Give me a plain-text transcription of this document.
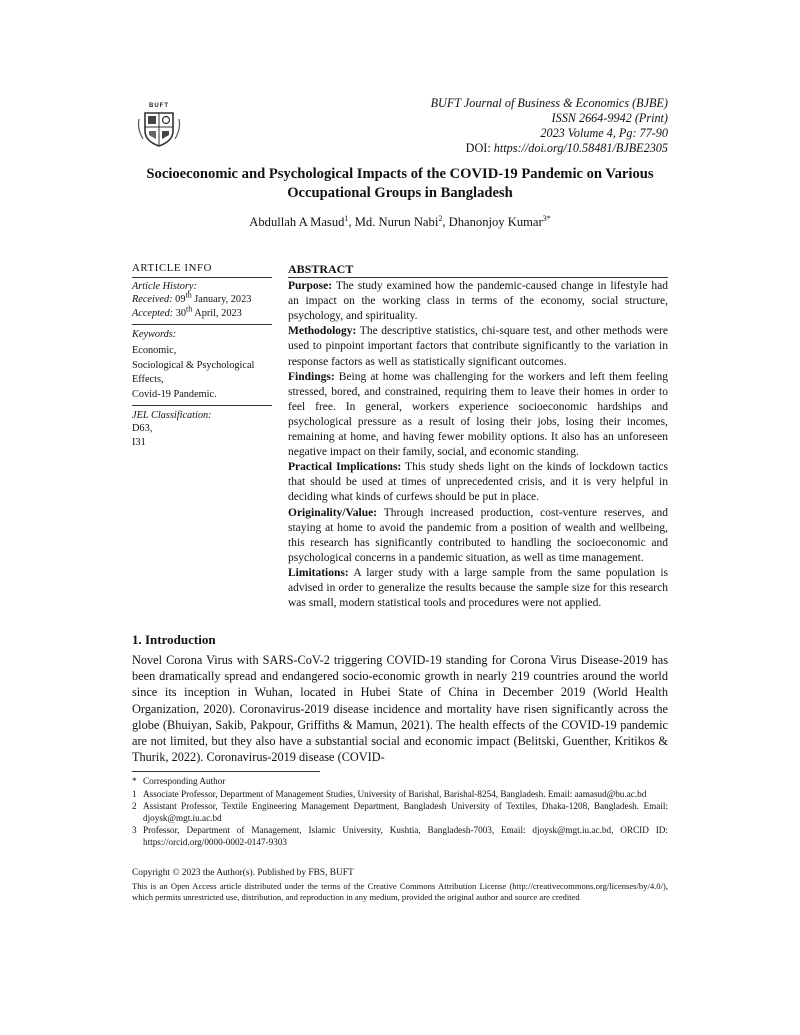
BUFT	BUFT Journal of Business & Economics (BJBE)
ISSN 2664-9942 (Print)
2023 Volume 4, Pg: 77-90
DOI: https://doi.org/10.58481/BJBE2305
Socioeconomic and Psychological Impacts of the COVID-19 Pandemic on Various Occupational Groups in Bangladesh
Abdullah A Masud$^1$, Md. Nurun Nabi$^2$, Dhanonjoy Kumar$^{3*}$
ARTICLE INFO
Article History:
Received: 09th January, 2023
Accepted: 30th April, 2023
Keywords:
Economic,
Sociological & Psychological Effects,
Covid-19 Pandemic.
JEL Classification:
D63,
I31
ABSTRACT

Purpose: The study examined how the pandemic-caused change in lifestyle had an impact on the working class in terms of the economy, social structure, psychology, and spirituality.

Methodology: The descriptive statistics, chi-square test, and other methods were used to pinpoint important factors that contribute significantly to the variation in response factors as well as statistically significant outcomes.

Findings: Being at home was challenging for the workers and left them feeling stressed, bored, and constrained, requiring them to leave their homes in order to feel free. In general, workers experience socioeconomic hardships and psychological pressure as a result of losing their jobs, losing their incomes, remaining at home, and having fewer mobility options. It also has an unforeseen negative impact on their family, social, and economic standing.

Practical Implications: This study sheds light on the kinds of lockdown tactics that should be used at times of unprecedented crisis, and it is very helpful in deciding what kinds of curfews should be put in place.

Originality/Value: Through increased production, cost-venture reserves, and staying at home to avoid the pandemic from a position of wealth and wellbeing, this research has significantly contributed to handling the socioeconomic and psychological concerns in a pandemic situation, as well as time management.

Limitations: A larger study with a large sample from the same population is advised in order to generalize the results because the sample size for this research was small, modern statistical tools and procedures were not applied.

1. Introduction

Novel Corona Virus with SARS-CoV-2 triggering COVID-19 standing for Corona Virus Disease-2019 has been dramatically spread and endangered socio-economic growth in nearly 219 countries around the world since its inception in Wuhan, located in Hubei State of China in December 2019 (World Health Organization, 2020). Coronavirus-2019 disease incidence and mortality have risen significantly across the globe (Bhuiyan, Sakib, Pakpour, Griffiths & Mamun, 2021). The health effects of the COVID-19 pandemic are not limited, but they also have a substantial social and economic impact (Belitski, Guenther, Kritikos & Thurik, 2022). Coronavirus-2019 disease (COVID-

* Corresponding Author
1 Associate Professor, Department of Management Studies, University of Barishal, Barishal-8254, Bangladesh. Email: aamasud@bu.ac.bd
2 Assistant Professor, Textile Engineering Management Department, Bangladesh University of Textiles, Dhaka-1208, Bangladesh. Email: djoysk@mgt.iu.ac.bd
3 Professor, Department of Management, Islamic University, Kushtia, Bangladesh-7003, Email: djoysk@mgt.iu.ac.bd, ORCID ID: https://orcid.org/0000-0002-0147-9303
Copyright © 2023 the Author(s). Published by FBS, BUFT
This is an Open Access article distributed under the terms of the Creative Commons Attribution License (http://creativecommons.org/licenses/by/4.0/), which permits unrestricted use, distribution, and reproduction in any medium, provided the original author and source are credited
